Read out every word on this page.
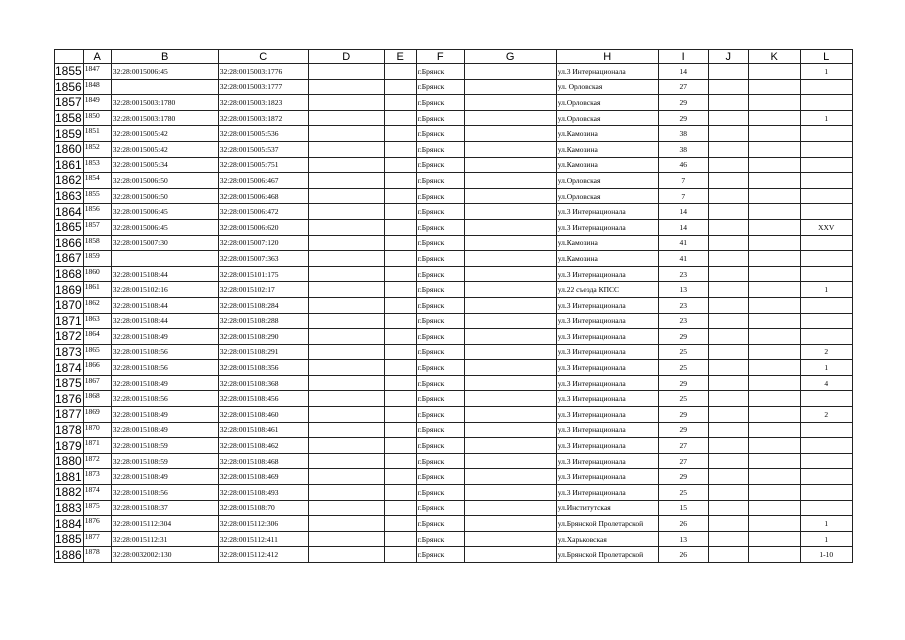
	A	B	C	D	E	F	G	H	I	J	K	L
1855	1847	32:28:0015006:45	32:28:0015003:1776			г.Брянск		ул.3 Интернационала	14			1
1856	1848		32:28:0015003:1777			г.Брянск		ул. Орловская	27			
1857	1849	32:28:0015003:1780	32:28:0015003:1823			г.Брянск		ул.Орловская	29			
1858	1850	32:28:0015003:1780	32:28:0015003:1872			г.Брянск		ул.Орловская	29			1
1859	1851	32:28:0015005:42	32:28:0015005:536			г.Брянск		ул.Камозина	38			
1860	1852	32:28:0015005:42	32:28:0015005:537			г.Брянск		ул.Камозина	38			
1861	1853	32:28:0015005:34	32:28:0015005:751			г.Брянск		ул.Камозина	46			
1862	1854	32:28:0015006:50	32:28:0015006:467			г.Брянск		ул.Орловская	7			
1863	1855	32:28:0015006:50	32:28:0015006:468			г.Брянск		ул.Орловская	7			
1864	1856	32:28:0015006:45	32:28:0015006:472			г.Брянск		ул.3 Интернационала	14			
1865	1857	32:28:0015006:45	32:28:0015006:620			г.Брянск		ул.3 Интернационала	14			XXV
1866	1858	32:28:0015007:30	32:28:0015007:120			г.Брянск		ул.Камозина	41			
1867	1859		32:28:0015007:363			г.Брянск		ул.Камозина	41			
1868	1860	32:28:0015108:44	32:28:0015101:175			г.Брянск		ул.3 Интернационала	23			
1869	1861	32:28:0015102:16	32:28:0015102:17			г.Брянск		ул.22 съезда КПСС	13			1
1870	1862	32:28:0015108:44	32:28:0015108:284			г.Брянск		ул.3 Интернационала	23			
1871	1863	32:28:0015108:44	32:28:0015108:288			г.Брянск		ул.3 Интернационала	23			
1872	1864	32:28:0015108:49	32:28:0015108:290			г.Брянск		ул.3 Интернационала	29			
1873	1865	32:28:0015108:56	32:28:0015108:291			г.Брянск		ул.3 Интернационала	25			2
1874	1866	32:28:0015108:56	32:28:0015108:356			г.Брянск		ул.3 Интернационала	25			1
1875	1867	32:28:0015108:49	32:28:0015108:368			г.Брянск		ул.3 Интернационала	29			4
1876	1868	32:28:0015108:56	32:28:0015108:456			г.Брянск		ул.3 Интернационала	25			
1877	1869	32:28:0015108:49	32:28:0015108:460			г.Брянск		ул.3 Интернационала	29			2
1878	1870	32:28:0015108:49	32:28:0015108:461			г.Брянск		ул.3 Интернационала	29			
1879	1871	32:28:0015108:59	32:28:0015108:462			г.Брянск		ул.3 Интернационала	27			
1880	1872	32:28:0015108:59	32:28:0015108:468			г.Брянск		ул.3 Интернационала	27			
1881	1873	32:28:0015108:49	32:28:0015108:469			г.Брянск		ул.3 Интернационала	29			
1882	1874	32:28:0015108:56	32:28:0015108:493			г.Брянск		ул.3 Интернационала	25			
1883	1875	32:28:0015108:37	32:28:0015108:70			г.Брянск		ул.Институтская	15			
1884	1876	32:28:0015112:304	32:28:0015112:306			г.Брянск		ул.Брянской Пролетарской	26			1
1885	1877	32:28:0015112:31	32:28:0015112:411			г.Брянск		ул.Харьковская	13			1
1886	1878	32:28:0032002:130	32:28:0015112:412			г.Брянск		ул.Брянской Пролетарской	26			1-10
